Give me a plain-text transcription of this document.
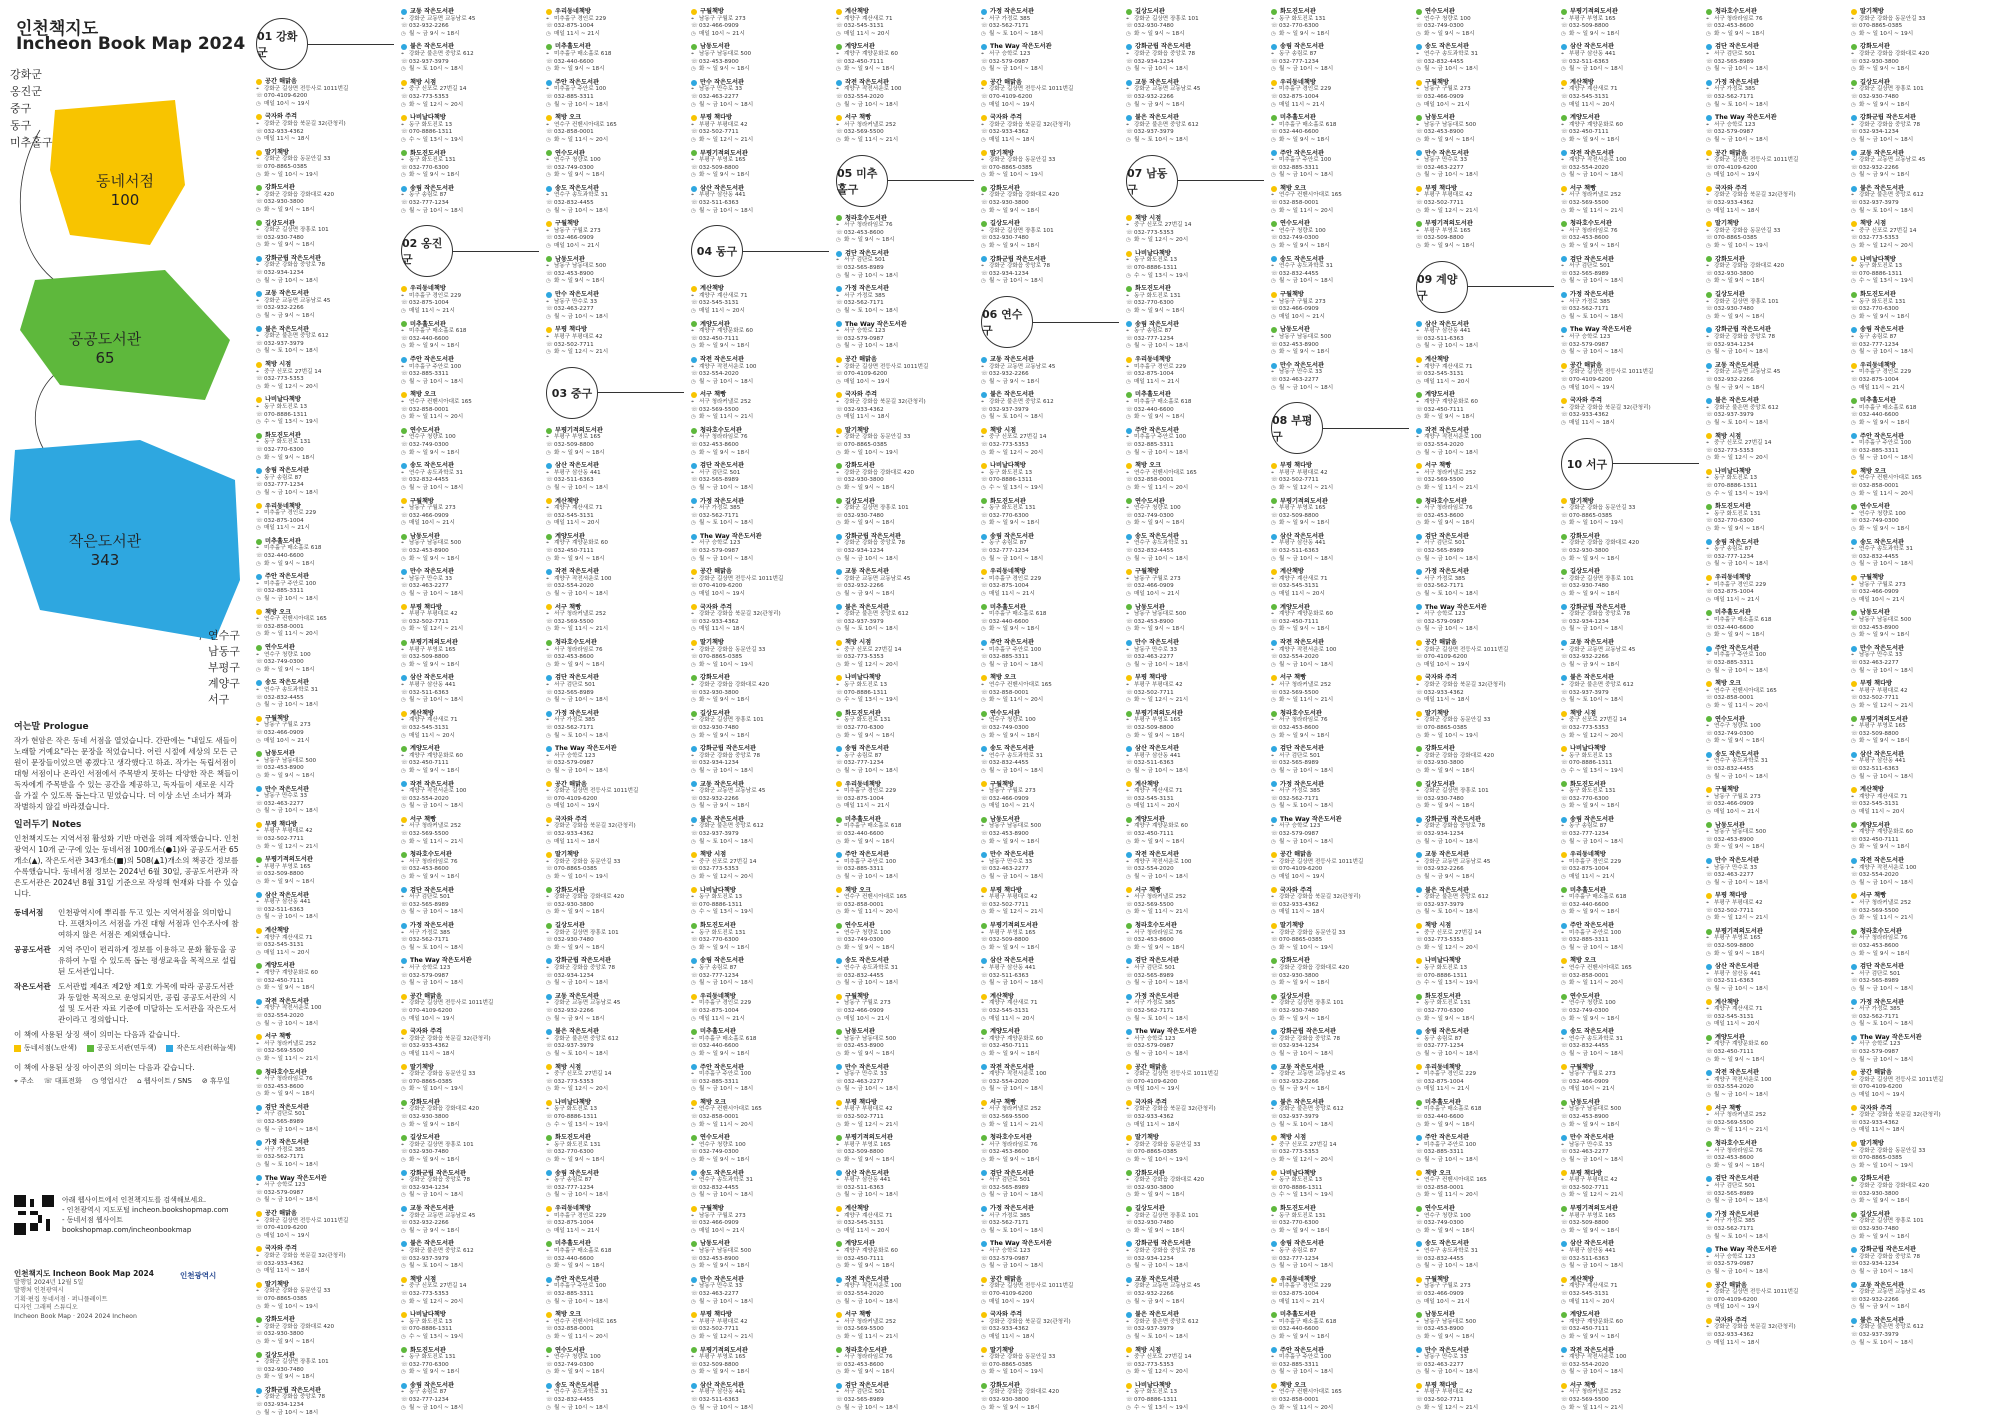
인천책지도
Incheon Book Map 2024
강화군
옹진군
중구
동구
미추홀구
동네서점
100
공공도서관
65
작은도서관
343
연수구
남동구
부평구
계양구
서구
여는말 Prologue

작가 현암은 작은 동네 서점을 열었습니다. 간판에는 "내일도 새들이 노래할 거예요"라는 문장을 적었습니다. 어린 시절에 세상의 모든 근원이 문장들이었으면 좋겠다고 생각했다고 하죠. 작가는 독립서점이 대형 서점이나 온라인 서점에서 주목받지 못하는 다양한 작은 책들이 독자에게 주목받을 수 있는 공간을 제공하고, 독자들이 새로운 시각을 가질 수 있도록 돕는다고 믿었습니다. 더 이상 소년 소녀가 책과 작별하지 않길 바라겠습니다.

일러두기 Notes

인천책지도는 지역서점 활성화 기반 마련을 위해 제작했습니다. 인천광역시 10개 군·구에 있는 동네서점 100개소(●1)와 공공도서관 65개소(▲), 작은도서관 343개소(■)의 508(▲1)개소의 책공간 정보를 수록했습니다. 동네서점 정보는 2024년 6월 30일, 공공도서관과 작은도서관은 2024년 8월 31일 기준으로 작성해 현재와 다를 수 있습니다.

동네서점	인천광역시에 뿌리를 두고 있는 지역서점을 의미합니다. 프랜차이즈 서점을 가진 대형 서점과 인수조사에 참여하지 않은 서점은 제외했습니다.
공공도서관 지역 주민이 편리하게 정보를 이용하고 문화 활동을 공유하여 누릴 수 있도록 돕는 평생교육을 목적으로 설립된 도서관입니다.
작은도서관 도서관법 제4조 제2항 제1호 가목에 따라 공공도서관과 동일한 목적으로 운영되지만, 공립 공공도서관의 시설 및 도서관 자료 기준에 미달하는 도서관을 작은도서관이라고 정의합니다.
이 책에 사용된 상징 색이 의미는 다음과 같습니다.
동네서점(노란색)	공공도서관(연두색)	작은도서관(하늘색)
이 책에 사용된 상징 아이콘의 의미는 다음과 같습니다.
⌖ 주소 ☏ 대표전화 ◷ 영업시간 ⌂ 웹사이트 / SNS ⊘ 휴무일
아래 웹사이트에서 인천책지도를 검색해보세요.
- 인천광역시 지도포털 incheon.bookshopmap.com
- 동네서점 웹사이트 bookshopmap.com/incheonbookmap
인천책지도 Incheon Book Map 2024
발행일 2024년 12월 5일
발행처 인천광역시
기획·편집 동네서점 · 퍼니플레이트
디자인 그래픽 스튜디오
Incheon Book Map · 2024 2024 Incheon
인천광역시
01 강화군
공간 해맑음
⌖ 강화군 길상면 전등사로 1011번길
☏ 070-4109-6200
◷ 매일 10시 ~ 19시
국자와 주걱
⌖ 강화군 강화읍 북문길 32(관청리)
☏ 032-933-4362
◷ 매일 11시 ~ 18시
딸기책방
⌖ 강화군 강화읍 동문안길 33
☏ 070-8865-0385
◷ 화 ~ 일 10시 ~ 19시
강화도서관
⌖ 강화군 강화읍 강화대로 420
☏ 032-930-3800
◷ 화 ~ 일 9시 ~ 18시
길상도서관
⌖ 강화군 길상면 장흥로 101
☏ 032-930-7480
◷ 화 ~ 일 9시 ~ 18시
강화군립 작은도서관
⌖ 강화군 강화읍 중앙로 78
☏ 032-934-1234
◷ 월 ~ 금 10시 ~ 18시
교동 작은도서관
⌖ 강화군 교동면 교동남로 45
☏ 032-932-2266
◷ 월 ~ 금 9시 ~ 18시
불은 작은도서관
⌖ 강화군 불은면 중앙로 612
☏ 032-937-3979
◷ 월 ~ 토 10시 ~ 18시
책방 시점
⌖ 중구 신포로 27번길 14
☏ 032-773-5353
◷ 화 ~ 일 12시 ~ 20시
나비날다책방
⌖ 동구 화도진로 13
☏ 070-8886-1311
◷ 수 ~ 일 13시 ~ 19시
화도진도서관
⌖ 동구 화도진로 131
☏ 032-770-6300
◷ 화 ~ 일 9시 ~ 18시
송림 작은도서관
⌖ 동구 송림로 87
☏ 032-777-1234
◷ 월 ~ 금 10시 ~ 18시
우리동네책방
⌖ 미추홀구 경인로 229
☏ 032-875-1004
◷ 매일 11시 ~ 21시
미추홀도서관
⌖ 미추홀구 매소홀로 618
☏ 032-440-6600
◷ 화 ~ 일 9시 ~ 18시
주안 작은도서관
⌖ 미추홀구 주안로 100
☏ 032-885-3311
◷ 월 ~ 금 10시 ~ 18시
책방 오크
⌖ 연수구 컨벤시아대로 165
☏ 032-858-0001
◷ 화 ~ 일 11시 ~ 20시
연수도서관
⌖ 연수구 청량로 100
☏ 032-749-0300
◷ 화 ~ 일 9시 ~ 18시
송도 작은도서관
⌖ 연수구 송도과학로 31
☏ 032-832-4455
◷ 월 ~ 금 10시 ~ 18시
구월책방
⌖ 남동구 구월로 273
☏ 032-466-0909
◷ 매일 10시 ~ 21시
남동도서관
⌖ 남동구 남동대로 500
☏ 032-453-8900
◷ 화 ~ 일 9시 ~ 18시
만수 작은도서관
⌖ 남동구 만수로 33
☏ 032-463-2277
◷ 월 ~ 금 10시 ~ 18시
부평 책다방
⌖ 부평구 부평대로 42
☏ 032-502-7711
◷ 화 ~ 일 12시 ~ 21시
부평기적의도서관
⌖ 부평구 부영로 165
☏ 032-509-8800
◷ 화 ~ 일 9시 ~ 18시
삼산 작은도서관
⌖ 부평구 삼산동 441
☏ 032-511-6363
◷ 월 ~ 금 10시 ~ 18시
계산책방
⌖ 계양구 계산새로 71
☏ 032-545-3131
◷ 매일 11시 ~ 20시
계양도서관
⌖ 계양구 계양문화로 60
☏ 032-450-7111
◷ 화 ~ 일 9시 ~ 18시
작전 작은도서관
⌖ 계양구 작전서운로 100
☏ 032-554-2020
◷ 월 ~ 금 10시 ~ 18시
서구 책빵
⌖ 서구 청라커낼로 252
☏ 032-569-5500
◷ 화 ~ 일 11시 ~ 21시
청라호수도서관
⌖ 서구 청라라임로 76
☏ 032-453-8600
◷ 화 ~ 일 9시 ~ 18시
검단 작은도서관
⌖ 서구 검단로 501
☏ 032-565-8989
◷ 월 ~ 금 10시 ~ 18시
가정 작은도서관
⌖ 서구 가정로 385
☏ 032-562-7171
◷ 월 ~ 토 10시 ~ 18시
The Way 작은도서관
⌖ 서구 승학로 123
☏ 032-579-0987
◷ 월 ~ 금 10시 ~ 18시
공간 해맑음
⌖ 강화군 길상면 전등사로 1011번길
☏ 070-4109-6200
◷ 매일 10시 ~ 19시
국자와 주걱
⌖ 강화군 강화읍 북문길 32(관청리)
☏ 032-933-4362
◷ 매일 11시 ~ 18시
딸기책방
⌖ 강화군 강화읍 동문안길 33
☏ 070-8865-0385
◷ 화 ~ 일 10시 ~ 19시
강화도서관
⌖ 강화군 강화읍 강화대로 420
☏ 032-930-3800
◷ 화 ~ 일 9시 ~ 18시
길상도서관
⌖ 강화군 길상면 장흥로 101
☏ 032-930-7480
◷ 화 ~ 일 9시 ~ 18시
강화군립 작은도서관
⌖ 강화군 강화읍 중앙로 78
☏ 032-934-1234
◷ 월 ~ 금 10시 ~ 18시
교동 작은도서관
⌖ 강화군 교동면 교동남로 45
☏ 032-932-2266
◷ 월 ~ 금 9시 ~ 18시
불은 작은도서관
⌖ 강화군 불은면 중앙로 612
☏ 032-937-3979
◷ 월 ~ 토 10시 ~ 18시
책방 시점
⌖ 중구 신포로 27번길 14
☏ 032-773-5353
◷ 화 ~ 일 12시 ~ 20시
나비날다책방
⌖ 동구 화도진로 13
☏ 070-8886-1311
◷ 수 ~ 일 13시 ~ 19시
화도진도서관
⌖ 동구 화도진로 131
☏ 032-770-6300
◷ 화 ~ 일 9시 ~ 18시
송림 작은도서관
⌖ 동구 송림로 87
☏ 032-777-1234
◷ 월 ~ 금 10시 ~ 18시
02 옹진군
우리동네책방
⌖ 미추홀구 경인로 229
☏ 032-875-1004
◷ 매일 11시 ~ 21시
미추홀도서관
⌖ 미추홀구 매소홀로 618
☏ 032-440-6600
◷ 화 ~ 일 9시 ~ 18시
주안 작은도서관
⌖ 미추홀구 주안로 100
☏ 032-885-3311
◷ 월 ~ 금 10시 ~ 18시
책방 오크
⌖ 연수구 컨벤시아대로 165
☏ 032-858-0001
◷ 화 ~ 일 11시 ~ 20시
연수도서관
⌖ 연수구 청량로 100
☏ 032-749-0300
◷ 화 ~ 일 9시 ~ 18시
송도 작은도서관
⌖ 연수구 송도과학로 31
☏ 032-832-4455
◷ 월 ~ 금 10시 ~ 18시
구월책방
⌖ 남동구 구월로 273
☏ 032-466-0909
◷ 매일 10시 ~ 21시
남동도서관
⌖ 남동구 남동대로 500
☏ 032-453-8900
◷ 화 ~ 일 9시 ~ 18시
만수 작은도서관
⌖ 남동구 만수로 33
☏ 032-463-2277
◷ 월 ~ 금 10시 ~ 18시
부평 책다방
⌖ 부평구 부평대로 42
☏ 032-502-7711
◷ 화 ~ 일 12시 ~ 21시
부평기적의도서관
⌖ 부평구 부영로 165
☏ 032-509-8800
◷ 화 ~ 일 9시 ~ 18시
삼산 작은도서관
⌖ 부평구 삼산동 441
☏ 032-511-6363
◷ 월 ~ 금 10시 ~ 18시
계산책방
⌖ 계양구 계산새로 71
☏ 032-545-3131
◷ 매일 11시 ~ 20시
계양도서관
⌖ 계양구 계양문화로 60
☏ 032-450-7111
◷ 화 ~ 일 9시 ~ 18시
작전 작은도서관
⌖ 계양구 작전서운로 100
☏ 032-554-2020
◷ 월 ~ 금 10시 ~ 18시
서구 책빵
⌖ 서구 청라커낼로 252
☏ 032-569-5500
◷ 화 ~ 일 11시 ~ 21시
청라호수도서관
⌖ 서구 청라라임로 76
☏ 032-453-8600
◷ 화 ~ 일 9시 ~ 18시
검단 작은도서관
⌖ 서구 검단로 501
☏ 032-565-8989
◷ 월 ~ 금 10시 ~ 18시
가정 작은도서관
⌖ 서구 가정로 385
☏ 032-562-7171
◷ 월 ~ 토 10시 ~ 18시
The Way 작은도서관
⌖ 서구 승학로 123
☏ 032-579-0987
◷ 월 ~ 금 10시 ~ 18시
공간 해맑음
⌖ 강화군 길상면 전등사로 1011번길
☏ 070-4109-6200
◷ 매일 10시 ~ 19시
국자와 주걱
⌖ 강화군 강화읍 북문길 32(관청리)
☏ 032-933-4362
◷ 매일 11시 ~ 18시
딸기책방
⌖ 강화군 강화읍 동문안길 33
☏ 070-8865-0385
◷ 화 ~ 일 10시 ~ 19시
강화도서관
⌖ 강화군 강화읍 강화대로 420
☏ 032-930-3800
◷ 화 ~ 일 9시 ~ 18시
길상도서관
⌖ 강화군 길상면 장흥로 101
☏ 032-930-7480
◷ 화 ~ 일 9시 ~ 18시
강화군립 작은도서관
⌖ 강화군 강화읍 중앙로 78
☏ 032-934-1234
◷ 월 ~ 금 10시 ~ 18시
교동 작은도서관
⌖ 강화군 교동면 교동남로 45
☏ 032-932-2266
◷ 월 ~ 금 9시 ~ 18시
불은 작은도서관
⌖ 강화군 불은면 중앙로 612
☏ 032-937-3979
◷ 월 ~ 토 10시 ~ 18시
책방 시점
⌖ 중구 신포로 27번길 14
☏ 032-773-5353
◷ 화 ~ 일 12시 ~ 20시
나비날다책방
⌖ 동구 화도진로 13
☏ 070-8886-1311
◷ 수 ~ 일 13시 ~ 19시
화도진도서관
⌖ 동구 화도진로 131
☏ 032-770-6300
◷ 화 ~ 일 9시 ~ 18시
송림 작은도서관
⌖ 동구 송림로 87
☏ 032-777-1234
◷ 월 ~ 금 10시 ~ 18시
우리동네책방
⌖ 미추홀구 경인로 229
☏ 032-875-1004
◷ 매일 11시 ~ 21시
미추홀도서관
⌖ 미추홀구 매소홀로 618
☏ 032-440-6600
◷ 화 ~ 일 9시 ~ 18시
주안 작은도서관
⌖ 미추홀구 주안로 100
☏ 032-885-3311
◷ 월 ~ 금 10시 ~ 18시
책방 오크
⌖ 연수구 컨벤시아대로 165
☏ 032-858-0001
◷ 화 ~ 일 11시 ~ 20시
연수도서관
⌖ 연수구 청량로 100
☏ 032-749-0300
◷ 화 ~ 일 9시 ~ 18시
송도 작은도서관
⌖ 연수구 송도과학로 31
☏ 032-832-4455
◷ 월 ~ 금 10시 ~ 18시
구월책방
⌖ 남동구 구월로 273
☏ 032-466-0909
◷ 매일 10시 ~ 21시
남동도서관
⌖ 남동구 남동대로 500
☏ 032-453-8900
◷ 화 ~ 일 9시 ~ 18시
만수 작은도서관
⌖ 남동구 만수로 33
☏ 032-463-2277
◷ 월 ~ 금 10시 ~ 18시
부평 책다방
⌖ 부평구 부평대로 42
☏ 032-502-7711
◷ 화 ~ 일 12시 ~ 21시
03 중구
부평기적의도서관
⌖ 부평구 부영로 165
☏ 032-509-8800
◷ 화 ~ 일 9시 ~ 18시
삼산 작은도서관
⌖ 부평구 삼산동 441
☏ 032-511-6363
◷ 월 ~ 금 10시 ~ 18시
계산책방
⌖ 계양구 계산새로 71
☏ 032-545-3131
◷ 매일 11시 ~ 20시
계양도서관
⌖ 계양구 계양문화로 60
☏ 032-450-7111
◷ 화 ~ 일 9시 ~ 18시
작전 작은도서관
⌖ 계양구 작전서운로 100
☏ 032-554-2020
◷ 월 ~ 금 10시 ~ 18시
서구 책빵
⌖ 서구 청라커낼로 252
☏ 032-569-5500
◷ 화 ~ 일 11시 ~ 21시
청라호수도서관
⌖ 서구 청라라임로 76
☏ 032-453-8600
◷ 화 ~ 일 9시 ~ 18시
검단 작은도서관
⌖ 서구 검단로 501
☏ 032-565-8989
◷ 월 ~ 금 10시 ~ 18시
가정 작은도서관
⌖ 서구 가정로 385
☏ 032-562-7171
◷ 월 ~ 토 10시 ~ 18시
The Way 작은도서관
⌖ 서구 승학로 123
☏ 032-579-0987
◷ 월 ~ 금 10시 ~ 18시
공간 해맑음
⌖ 강화군 길상면 전등사로 1011번길
☏ 070-4109-6200
◷ 매일 10시 ~ 19시
국자와 주걱
⌖ 강화군 강화읍 북문길 32(관청리)
☏ 032-933-4362
◷ 매일 11시 ~ 18시
딸기책방
⌖ 강화군 강화읍 동문안길 33
☏ 070-8865-0385
◷ 화 ~ 일 10시 ~ 19시
강화도서관
⌖ 강화군 강화읍 강화대로 420
☏ 032-930-3800
◷ 화 ~ 일 9시 ~ 18시
길상도서관
⌖ 강화군 길상면 장흥로 101
☏ 032-930-7480
◷ 화 ~ 일 9시 ~ 18시
강화군립 작은도서관
⌖ 강화군 강화읍 중앙로 78
☏ 032-934-1234
◷ 월 ~ 금 10시 ~ 18시
교동 작은도서관
⌖ 강화군 교동면 교동남로 45
☏ 032-932-2266
◷ 월 ~ 금 9시 ~ 18시
불은 작은도서관
⌖ 강화군 불은면 중앙로 612
☏ 032-937-3979
◷ 월 ~ 토 10시 ~ 18시
책방 시점
⌖ 중구 신포로 27번길 14
☏ 032-773-5353
◷ 화 ~ 일 12시 ~ 20시
나비날다책방
⌖ 동구 화도진로 13
☏ 070-8886-1311
◷ 수 ~ 일 13시 ~ 19시
화도진도서관
⌖ 동구 화도진로 131
☏ 032-770-6300
◷ 화 ~ 일 9시 ~ 18시
송림 작은도서관
⌖ 동구 송림로 87
☏ 032-777-1234
◷ 월 ~ 금 10시 ~ 18시
우리동네책방
⌖ 미추홀구 경인로 229
☏ 032-875-1004
◷ 매일 11시 ~ 21시
미추홀도서관
⌖ 미추홀구 매소홀로 618
☏ 032-440-6600
◷ 화 ~ 일 9시 ~ 18시
주안 작은도서관
⌖ 미추홀구 주안로 100
☏ 032-885-3311
◷ 월 ~ 금 10시 ~ 18시
책방 오크
⌖ 연수구 컨벤시아대로 165
☏ 032-858-0001
◷ 화 ~ 일 11시 ~ 20시
연수도서관
⌖ 연수구 청량로 100
☏ 032-749-0300
◷ 화 ~ 일 9시 ~ 18시
송도 작은도서관
⌖ 연수구 송도과학로 31
☏ 032-832-4455
◷ 월 ~ 금 10시 ~ 18시
구월책방
⌖ 남동구 구월로 273
☏ 032-466-0909
◷ 매일 10시 ~ 21시
남동도서관
⌖ 남동구 남동대로 500
☏ 032-453-8900
◷ 화 ~ 일 9시 ~ 18시
만수 작은도서관
⌖ 남동구 만수로 33
☏ 032-463-2277
◷ 월 ~ 금 10시 ~ 18시
부평 책다방
⌖ 부평구 부평대로 42
☏ 032-502-7711
◷ 화 ~ 일 12시 ~ 21시
부평기적의도서관
⌖ 부평구 부영로 165
☏ 032-509-8800
◷ 화 ~ 일 9시 ~ 18시
삼산 작은도서관
⌖ 부평구 삼산동 441
☏ 032-511-6363
◷ 월 ~ 금 10시 ~ 18시
04 동구
계산책방
⌖ 계양구 계산새로 71
☏ 032-545-3131
◷ 매일 11시 ~ 20시
계양도서관
⌖ 계양구 계양문화로 60
☏ 032-450-7111
◷ 화 ~ 일 9시 ~ 18시
작전 작은도서관
⌖ 계양구 작전서운로 100
☏ 032-554-2020
◷ 월 ~ 금 10시 ~ 18시
서구 책빵
⌖ 서구 청라커낼로 252
☏ 032-569-5500
◷ 화 ~ 일 11시 ~ 21시
청라호수도서관
⌖ 서구 청라라임로 76
☏ 032-453-8600
◷ 화 ~ 일 9시 ~ 18시
검단 작은도서관
⌖ 서구 검단로 501
☏ 032-565-8989
◷ 월 ~ 금 10시 ~ 18시
가정 작은도서관
⌖ 서구 가정로 385
☏ 032-562-7171
◷ 월 ~ 토 10시 ~ 18시
The Way 작은도서관
⌖ 서구 승학로 123
☏ 032-579-0987
◷ 월 ~ 금 10시 ~ 18시
공간 해맑음
⌖ 강화군 길상면 전등사로 1011번길
☏ 070-4109-6200
◷ 매일 10시 ~ 19시
국자와 주걱
⌖ 강화군 강화읍 북문길 32(관청리)
☏ 032-933-4362
◷ 매일 11시 ~ 18시
딸기책방
⌖ 강화군 강화읍 동문안길 33
☏ 070-8865-0385
◷ 화 ~ 일 10시 ~ 19시
강화도서관
⌖ 강화군 강화읍 강화대로 420
☏ 032-930-3800
◷ 화 ~ 일 9시 ~ 18시
길상도서관
⌖ 강화군 길상면 장흥로 101
☏ 032-930-7480
◷ 화 ~ 일 9시 ~ 18시
강화군립 작은도서관
⌖ 강화군 강화읍 중앙로 78
☏ 032-934-1234
◷ 월 ~ 금 10시 ~ 18시
교동 작은도서관
⌖ 강화군 교동면 교동남로 45
☏ 032-932-2266
◷ 월 ~ 금 9시 ~ 18시
불은 작은도서관
⌖ 강화군 불은면 중앙로 612
☏ 032-937-3979
◷ 월 ~ 토 10시 ~ 18시
책방 시점
⌖ 중구 신포로 27번길 14
☏ 032-773-5353
◷ 화 ~ 일 12시 ~ 20시
나비날다책방
⌖ 동구 화도진로 13
☏ 070-8886-1311
◷ 수 ~ 일 13시 ~ 19시
화도진도서관
⌖ 동구 화도진로 131
☏ 032-770-6300
◷ 화 ~ 일 9시 ~ 18시
송림 작은도서관
⌖ 동구 송림로 87
☏ 032-777-1234
◷ 월 ~ 금 10시 ~ 18시
우리동네책방
⌖ 미추홀구 경인로 229
☏ 032-875-1004
◷ 매일 11시 ~ 21시
미추홀도서관
⌖ 미추홀구 매소홀로 618
☏ 032-440-6600
◷ 화 ~ 일 9시 ~ 18시
주안 작은도서관
⌖ 미추홀구 주안로 100
☏ 032-885-3311
◷ 월 ~ 금 10시 ~ 18시
책방 오크
⌖ 연수구 컨벤시아대로 165
☏ 032-858-0001
◷ 화 ~ 일 11시 ~ 20시
연수도서관
⌖ 연수구 청량로 100
☏ 032-749-0300
◷ 화 ~ 일 9시 ~ 18시
송도 작은도서관
⌖ 연수구 송도과학로 31
☏ 032-832-4455
◷ 월 ~ 금 10시 ~ 18시
구월책방
⌖ 남동구 구월로 273
☏ 032-466-0909
◷ 매일 10시 ~ 21시
남동도서관
⌖ 남동구 남동대로 500
☏ 032-453-8900
◷ 화 ~ 일 9시 ~ 18시
만수 작은도서관
⌖ 남동구 만수로 33
☏ 032-463-2277
◷ 월 ~ 금 10시 ~ 18시
부평 책다방
⌖ 부평구 부평대로 42
☏ 032-502-7711
◷ 화 ~ 일 12시 ~ 21시
부평기적의도서관
⌖ 부평구 부영로 165
☏ 032-509-8800
◷ 화 ~ 일 9시 ~ 18시
삼산 작은도서관
⌖ 부평구 삼산동 441
☏ 032-511-6363
◷ 월 ~ 금 10시 ~ 18시
계산책방
⌖ 계양구 계산새로 71
☏ 032-545-3131
◷ 매일 11시 ~ 20시
계양도서관
⌖ 계양구 계양문화로 60
☏ 032-450-7111
◷ 화 ~ 일 9시 ~ 18시
작전 작은도서관
⌖ 계양구 작전서운로 100
☏ 032-554-2020
◷ 월 ~ 금 10시 ~ 18시
서구 책빵
⌖ 서구 청라커낼로 252
☏ 032-569-5500
◷ 화 ~ 일 11시 ~ 21시
05 미추홀구
청라호수도서관
⌖ 서구 청라라임로 76
☏ 032-453-8600
◷ 화 ~ 일 9시 ~ 18시
검단 작은도서관
⌖ 서구 검단로 501
☏ 032-565-8989
◷ 월 ~ 금 10시 ~ 18시
가정 작은도서관
⌖ 서구 가정로 385
☏ 032-562-7171
◷ 월 ~ 토 10시 ~ 18시
The Way 작은도서관
⌖ 서구 승학로 123
☏ 032-579-0987
◷ 월 ~ 금 10시 ~ 18시
공간 해맑음
⌖ 강화군 길상면 전등사로 1011번길
☏ 070-4109-6200
◷ 매일 10시 ~ 19시
국자와 주걱
⌖ 강화군 강화읍 북문길 32(관청리)
☏ 032-933-4362
◷ 매일 11시 ~ 18시
딸기책방
⌖ 강화군 강화읍 동문안길 33
☏ 070-8865-0385
◷ 화 ~ 일 10시 ~ 19시
강화도서관
⌖ 강화군 강화읍 강화대로 420
☏ 032-930-3800
◷ 화 ~ 일 9시 ~ 18시
길상도서관
⌖ 강화군 길상면 장흥로 101
☏ 032-930-7480
◷ 화 ~ 일 9시 ~ 18시
강화군립 작은도서관
⌖ 강화군 강화읍 중앙로 78
☏ 032-934-1234
◷ 월 ~ 금 10시 ~ 18시
교동 작은도서관
⌖ 강화군 교동면 교동남로 45
☏ 032-932-2266
◷ 월 ~ 금 9시 ~ 18시
불은 작은도서관
⌖ 강화군 불은면 중앙로 612
☏ 032-937-3979
◷ 월 ~ 토 10시 ~ 18시
책방 시점
⌖ 중구 신포로 27번길 14
☏ 032-773-5353
◷ 화 ~ 일 12시 ~ 20시
나비날다책방
⌖ 동구 화도진로 13
☏ 070-8886-1311
◷ 수 ~ 일 13시 ~ 19시
화도진도서관
⌖ 동구 화도진로 131
☏ 032-770-6300
◷ 화 ~ 일 9시 ~ 18시
송림 작은도서관
⌖ 동구 송림로 87
☏ 032-777-1234
◷ 월 ~ 금 10시 ~ 18시
우리동네책방
⌖ 미추홀구 경인로 229
☏ 032-875-1004
◷ 매일 11시 ~ 21시
미추홀도서관
⌖ 미추홀구 매소홀로 618
☏ 032-440-6600
◷ 화 ~ 일 9시 ~ 18시
주안 작은도서관
⌖ 미추홀구 주안로 100
☏ 032-885-3311
◷ 월 ~ 금 10시 ~ 18시
책방 오크
⌖ 연수구 컨벤시아대로 165
☏ 032-858-0001
◷ 화 ~ 일 11시 ~ 20시
연수도서관
⌖ 연수구 청량로 100
☏ 032-749-0300
◷ 화 ~ 일 9시 ~ 18시
송도 작은도서관
⌖ 연수구 송도과학로 31
☏ 032-832-4455
◷ 월 ~ 금 10시 ~ 18시
구월책방
⌖ 남동구 구월로 273
☏ 032-466-0909
◷ 매일 10시 ~ 21시
남동도서관
⌖ 남동구 남동대로 500
☏ 032-453-8900
◷ 화 ~ 일 9시 ~ 18시
만수 작은도서관
⌖ 남동구 만수로 33
☏ 032-463-2277
◷ 월 ~ 금 10시 ~ 18시
부평 책다방
⌖ 부평구 부평대로 42
☏ 032-502-7711
◷ 화 ~ 일 12시 ~ 21시
부평기적의도서관
⌖ 부평구 부영로 165
☏ 032-509-8800
◷ 화 ~ 일 9시 ~ 18시
삼산 작은도서관
⌖ 부평구 삼산동 441
☏ 032-511-6363
◷ 월 ~ 금 10시 ~ 18시
계산책방
⌖ 계양구 계산새로 71
☏ 032-545-3131
◷ 매일 11시 ~ 20시
계양도서관
⌖ 계양구 계양문화로 60
☏ 032-450-7111
◷ 화 ~ 일 9시 ~ 18시
작전 작은도서관
⌖ 계양구 작전서운로 100
☏ 032-554-2020
◷ 월 ~ 금 10시 ~ 18시
서구 책빵
⌖ 서구 청라커낼로 252
☏ 032-569-5500
◷ 화 ~ 일 11시 ~ 21시
청라호수도서관
⌖ 서구 청라라임로 76
☏ 032-453-8600
◷ 화 ~ 일 9시 ~ 18시
검단 작은도서관
⌖ 서구 검단로 501
☏ 032-565-8989
◷ 월 ~ 금 10시 ~ 18시
가정 작은도서관
⌖ 서구 가정로 385
☏ 032-562-7171
◷ 월 ~ 토 10시 ~ 18시
The Way 작은도서관
⌖ 서구 승학로 123
☏ 032-579-0987
◷ 월 ~ 금 10시 ~ 18시
공간 해맑음
⌖ 강화군 길상면 전등사로 1011번길
☏ 070-4109-6200
◷ 매일 10시 ~ 19시
국자와 주걱
⌖ 강화군 강화읍 북문길 32(관청리)
☏ 032-933-4362
◷ 매일 11시 ~ 18시
딸기책방
⌖ 강화군 강화읍 동문안길 33
☏ 070-8865-0385
◷ 화 ~ 일 10시 ~ 19시
강화도서관
⌖ 강화군 강화읍 강화대로 420
☏ 032-930-3800
◷ 화 ~ 일 9시 ~ 18시
길상도서관
⌖ 강화군 길상면 장흥로 101
☏ 032-930-7480
◷ 화 ~ 일 9시 ~ 18시
강화군립 작은도서관
⌖ 강화군 강화읍 중앙로 78
☏ 032-934-1234
◷ 월 ~ 금 10시 ~ 18시
06 연수구
교동 작은도서관
⌖ 강화군 교동면 교동남로 45
☏ 032-932-2266
◷ 월 ~ 금 9시 ~ 18시
불은 작은도서관
⌖ 강화군 불은면 중앙로 612
☏ 032-937-3979
◷ 월 ~ 토 10시 ~ 18시
책방 시점
⌖ 중구 신포로 27번길 14
☏ 032-773-5353
◷ 화 ~ 일 12시 ~ 20시
나비날다책방
⌖ 동구 화도진로 13
☏ 070-8886-1311
◷ 수 ~ 일 13시 ~ 19시
화도진도서관
⌖ 동구 화도진로 131
☏ 032-770-6300
◷ 화 ~ 일 9시 ~ 18시
송림 작은도서관
⌖ 동구 송림로 87
☏ 032-777-1234
◷ 월 ~ 금 10시 ~ 18시
우리동네책방
⌖ 미추홀구 경인로 229
☏ 032-875-1004
◷ 매일 11시 ~ 21시
미추홀도서관
⌖ 미추홀구 매소홀로 618
☏ 032-440-6600
◷ 화 ~ 일 9시 ~ 18시
주안 작은도서관
⌖ 미추홀구 주안로 100
☏ 032-885-3311
◷ 월 ~ 금 10시 ~ 18시
책방 오크
⌖ 연수구 컨벤시아대로 165
☏ 032-858-0001
◷ 화 ~ 일 11시 ~ 20시
연수도서관
⌖ 연수구 청량로 100
☏ 032-749-0300
◷ 화 ~ 일 9시 ~ 18시
송도 작은도서관
⌖ 연수구 송도과학로 31
☏ 032-832-4455
◷ 월 ~ 금 10시 ~ 18시
구월책방
⌖ 남동구 구월로 273
☏ 032-466-0909
◷ 매일 10시 ~ 21시
남동도서관
⌖ 남동구 남동대로 500
☏ 032-453-8900
◷ 화 ~ 일 9시 ~ 18시
만수 작은도서관
⌖ 남동구 만수로 33
☏ 032-463-2277
◷ 월 ~ 금 10시 ~ 18시
부평 책다방
⌖ 부평구 부평대로 42
☏ 032-502-7711
◷ 화 ~ 일 12시 ~ 21시
부평기적의도서관
⌖ 부평구 부영로 165
☏ 032-509-8800
◷ 화 ~ 일 9시 ~ 18시
삼산 작은도서관
⌖ 부평구 삼산동 441
☏ 032-511-6363
◷ 월 ~ 금 10시 ~ 18시
계산책방
⌖ 계양구 계산새로 71
☏ 032-545-3131
◷ 매일 11시 ~ 20시
계양도서관
⌖ 계양구 계양문화로 60
☏ 032-450-7111
◷ 화 ~ 일 9시 ~ 18시
작전 작은도서관
⌖ 계양구 작전서운로 100
☏ 032-554-2020
◷ 월 ~ 금 10시 ~ 18시
서구 책빵
⌖ 서구 청라커낼로 252
☏ 032-569-5500
◷ 화 ~ 일 11시 ~ 21시
청라호수도서관
⌖ 서구 청라라임로 76
☏ 032-453-8600
◷ 화 ~ 일 9시 ~ 18시
검단 작은도서관
⌖ 서구 검단로 501
☏ 032-565-8989
◷ 월 ~ 금 10시 ~ 18시
가정 작은도서관
⌖ 서구 가정로 385
☏ 032-562-7171
◷ 월 ~ 토 10시 ~ 18시
The Way 작은도서관
⌖ 서구 승학로 123
☏ 032-579-0987
◷ 월 ~ 금 10시 ~ 18시
공간 해맑음
⌖ 강화군 길상면 전등사로 1011번길
☏ 070-4109-6200
◷ 매일 10시 ~ 19시
국자와 주걱
⌖ 강화군 강화읍 북문길 32(관청리)
☏ 032-933-4362
◷ 매일 11시 ~ 18시
딸기책방
⌖ 강화군 강화읍 동문안길 33
☏ 070-8865-0385
◷ 화 ~ 일 10시 ~ 19시
강화도서관
⌖ 강화군 강화읍 강화대로 420
☏ 032-930-3800
◷ 화 ~ 일 9시 ~ 18시
길상도서관
⌖ 강화군 길상면 장흥로 101
☏ 032-930-7480
◷ 화 ~ 일 9시 ~ 18시
강화군립 작은도서관
⌖ 강화군 강화읍 중앙로 78
☏ 032-934-1234
◷ 월 ~ 금 10시 ~ 18시
교동 작은도서관
⌖ 강화군 교동면 교동남로 45
☏ 032-932-2266
◷ 월 ~ 금 9시 ~ 18시
불은 작은도서관
⌖ 강화군 불은면 중앙로 612
☏ 032-937-3979
◷ 월 ~ 토 10시 ~ 18시
07 남동구
책방 시점
⌖ 중구 신포로 27번길 14
☏ 032-773-5353
◷ 화 ~ 일 12시 ~ 20시
나비날다책방
⌖ 동구 화도진로 13
☏ 070-8886-1311
◷ 수 ~ 일 13시 ~ 19시
화도진도서관
⌖ 동구 화도진로 131
☏ 032-770-6300
◷ 화 ~ 일 9시 ~ 18시
송림 작은도서관
⌖ 동구 송림로 87
☏ 032-777-1234
◷ 월 ~ 금 10시 ~ 18시
우리동네책방
⌖ 미추홀구 경인로 229
☏ 032-875-1004
◷ 매일 11시 ~ 21시
미추홀도서관
⌖ 미추홀구 매소홀로 618
☏ 032-440-6600
◷ 화 ~ 일 9시 ~ 18시
주안 작은도서관
⌖ 미추홀구 주안로 100
☏ 032-885-3311
◷ 월 ~ 금 10시 ~ 18시
책방 오크
⌖ 연수구 컨벤시아대로 165
☏ 032-858-0001
◷ 화 ~ 일 11시 ~ 20시
연수도서관
⌖ 연수구 청량로 100
☏ 032-749-0300
◷ 화 ~ 일 9시 ~ 18시
송도 작은도서관
⌖ 연수구 송도과학로 31
☏ 032-832-4455
◷ 월 ~ 금 10시 ~ 18시
구월책방
⌖ 남동구 구월로 273
☏ 032-466-0909
◷ 매일 10시 ~ 21시
남동도서관
⌖ 남동구 남동대로 500
☏ 032-453-8900
◷ 화 ~ 일 9시 ~ 18시
만수 작은도서관
⌖ 남동구 만수로 33
☏ 032-463-2277
◷ 월 ~ 금 10시 ~ 18시
부평 책다방
⌖ 부평구 부평대로 42
☏ 032-502-7711
◷ 화 ~ 일 12시 ~ 21시
부평기적의도서관
⌖ 부평구 부영로 165
☏ 032-509-8800
◷ 화 ~ 일 9시 ~ 18시
삼산 작은도서관
⌖ 부평구 삼산동 441
☏ 032-511-6363
◷ 월 ~ 금 10시 ~ 18시
계산책방
⌖ 계양구 계산새로 71
☏ 032-545-3131
◷ 매일 11시 ~ 20시
계양도서관
⌖ 계양구 계양문화로 60
☏ 032-450-7111
◷ 화 ~ 일 9시 ~ 18시
작전 작은도서관
⌖ 계양구 작전서운로 100
☏ 032-554-2020
◷ 월 ~ 금 10시 ~ 18시
서구 책빵
⌖ 서구 청라커낼로 252
☏ 032-569-5500
◷ 화 ~ 일 11시 ~ 21시
청라호수도서관
⌖ 서구 청라라임로 76
☏ 032-453-8600
◷ 화 ~ 일 9시 ~ 18시
검단 작은도서관
⌖ 서구 검단로 501
☏ 032-565-8989
◷ 월 ~ 금 10시 ~ 18시
가정 작은도서관
⌖ 서구 가정로 385
☏ 032-562-7171
◷ 월 ~ 토 10시 ~ 18시
The Way 작은도서관
⌖ 서구 승학로 123
☏ 032-579-0987
◷ 월 ~ 금 10시 ~ 18시
공간 해맑음
⌖ 강화군 길상면 전등사로 1011번길
☏ 070-4109-6200
◷ 매일 10시 ~ 19시
국자와 주걱
⌖ 강화군 강화읍 북문길 32(관청리)
☏ 032-933-4362
◷ 매일 11시 ~ 18시
딸기책방
⌖ 강화군 강화읍 동문안길 33
☏ 070-8865-0385
◷ 화 ~ 일 10시 ~ 19시
강화도서관
⌖ 강화군 강화읍 강화대로 420
☏ 032-930-3800
◷ 화 ~ 일 9시 ~ 18시
길상도서관
⌖ 강화군 길상면 장흥로 101
☏ 032-930-7480
◷ 화 ~ 일 9시 ~ 18시
강화군립 작은도서관
⌖ 강화군 강화읍 중앙로 78
☏ 032-934-1234
◷ 월 ~ 금 10시 ~ 18시
교동 작은도서관
⌖ 강화군 교동면 교동남로 45
☏ 032-932-2266
◷ 월 ~ 금 9시 ~ 18시
불은 작은도서관
⌖ 강화군 불은면 중앙로 612
☏ 032-937-3979
◷ 월 ~ 토 10시 ~ 18시
책방 시점
⌖ 중구 신포로 27번길 14
☏ 032-773-5353
◷ 화 ~ 일 12시 ~ 20시
나비날다책방
⌖ 동구 화도진로 13
☏ 070-8886-1311
◷ 수 ~ 일 13시 ~ 19시
화도진도서관
⌖ 동구 화도진로 131
☏ 032-770-6300
◷ 화 ~ 일 9시 ~ 18시
송림 작은도서관
⌖ 동구 송림로 87
☏ 032-777-1234
◷ 월 ~ 금 10시 ~ 18시
우리동네책방
⌖ 미추홀구 경인로 229
☏ 032-875-1004
◷ 매일 11시 ~ 21시
미추홀도서관
⌖ 미추홀구 매소홀로 618
☏ 032-440-6600
◷ 화 ~ 일 9시 ~ 18시
주안 작은도서관
⌖ 미추홀구 주안로 100
☏ 032-885-3311
◷ 월 ~ 금 10시 ~ 18시
책방 오크
⌖ 연수구 컨벤시아대로 165
☏ 032-858-0001
◷ 화 ~ 일 11시 ~ 20시
연수도서관
⌖ 연수구 청량로 100
☏ 032-749-0300
◷ 화 ~ 일 9시 ~ 18시
송도 작은도서관
⌖ 연수구 송도과학로 31
☏ 032-832-4455
◷ 월 ~ 금 10시 ~ 18시
구월책방
⌖ 남동구 구월로 273
☏ 032-466-0909
◷ 매일 10시 ~ 21시
남동도서관
⌖ 남동구 남동대로 500
☏ 032-453-8900
◷ 화 ~ 일 9시 ~ 18시
만수 작은도서관
⌖ 남동구 만수로 33
☏ 032-463-2277
◷ 월 ~ 금 10시 ~ 18시
08 부평구
부평 책다방
⌖ 부평구 부평대로 42
☏ 032-502-7711
◷ 화 ~ 일 12시 ~ 21시
부평기적의도서관
⌖ 부평구 부영로 165
☏ 032-509-8800
◷ 화 ~ 일 9시 ~ 18시
삼산 작은도서관
⌖ 부평구 삼산동 441
☏ 032-511-6363
◷ 월 ~ 금 10시 ~ 18시
계산책방
⌖ 계양구 계산새로 71
☏ 032-545-3131
◷ 매일 11시 ~ 20시
계양도서관
⌖ 계양구 계양문화로 60
☏ 032-450-7111
◷ 화 ~ 일 9시 ~ 18시
작전 작은도서관
⌖ 계양구 작전서운로 100
☏ 032-554-2020
◷ 월 ~ 금 10시 ~ 18시
서구 책빵
⌖ 서구 청라커낼로 252
☏ 032-569-5500
◷ 화 ~ 일 11시 ~ 21시
청라호수도서관
⌖ 서구 청라라임로 76
☏ 032-453-8600
◷ 화 ~ 일 9시 ~ 18시
검단 작은도서관
⌖ 서구 검단로 501
☏ 032-565-8989
◷ 월 ~ 금 10시 ~ 18시
가정 작은도서관
⌖ 서구 가정로 385
☏ 032-562-7171
◷ 월 ~ 토 10시 ~ 18시
The Way 작은도서관
⌖ 서구 승학로 123
☏ 032-579-0987
◷ 월 ~ 금 10시 ~ 18시
공간 해맑음
⌖ 강화군 길상면 전등사로 1011번길
☏ 070-4109-6200
◷ 매일 10시 ~ 19시
국자와 주걱
⌖ 강화군 강화읍 북문길 32(관청리)
☏ 032-933-4362
◷ 매일 11시 ~ 18시
딸기책방
⌖ 강화군 강화읍 동문안길 33
☏ 070-8865-0385
◷ 화 ~ 일 10시 ~ 19시
강화도서관
⌖ 강화군 강화읍 강화대로 420
☏ 032-930-3800
◷ 화 ~ 일 9시 ~ 18시
길상도서관
⌖ 강화군 길상면 장흥로 101
☏ 032-930-7480
◷ 화 ~ 일 9시 ~ 18시
강화군립 작은도서관
⌖ 강화군 강화읍 중앙로 78
☏ 032-934-1234
◷ 월 ~ 금 10시 ~ 18시
교동 작은도서관
⌖ 강화군 교동면 교동남로 45
☏ 032-932-2266
◷ 월 ~ 금 9시 ~ 18시
불은 작은도서관
⌖ 강화군 불은면 중앙로 612
☏ 032-937-3979
◷ 월 ~ 토 10시 ~ 18시
책방 시점
⌖ 중구 신포로 27번길 14
☏ 032-773-5353
◷ 화 ~ 일 12시 ~ 20시
나비날다책방
⌖ 동구 화도진로 13
☏ 070-8886-1311
◷ 수 ~ 일 13시 ~ 19시
화도진도서관
⌖ 동구 화도진로 131
☏ 032-770-6300
◷ 화 ~ 일 9시 ~ 18시
송림 작은도서관
⌖ 동구 송림로 87
☏ 032-777-1234
◷ 월 ~ 금 10시 ~ 18시
우리동네책방
⌖ 미추홀구 경인로 229
☏ 032-875-1004
◷ 매일 11시 ~ 21시
미추홀도서관
⌖ 미추홀구 매소홀로 618
☏ 032-440-6600
◷ 화 ~ 일 9시 ~ 18시
주안 작은도서관
⌖ 미추홀구 주안로 100
☏ 032-885-3311
◷ 월 ~ 금 10시 ~ 18시
책방 오크
⌖ 연수구 컨벤시아대로 165
☏ 032-858-0001
◷ 화 ~ 일 11시 ~ 20시
연수도서관
⌖ 연수구 청량로 100
☏ 032-749-0300
◷ 화 ~ 일 9시 ~ 18시
송도 작은도서관
⌖ 연수구 송도과학로 31
☏ 032-832-4455
◷ 월 ~ 금 10시 ~ 18시
구월책방
⌖ 남동구 구월로 273
☏ 032-466-0909
◷ 매일 10시 ~ 21시
남동도서관
⌖ 남동구 남동대로 500
☏ 032-453-8900
◷ 화 ~ 일 9시 ~ 18시
만수 작은도서관
⌖ 남동구 만수로 33
☏ 032-463-2277
◷ 월 ~ 금 10시 ~ 18시
부평 책다방
⌖ 부평구 부평대로 42
☏ 032-502-7711
◷ 화 ~ 일 12시 ~ 21시
부평기적의도서관
⌖ 부평구 부영로 165
☏ 032-509-8800
◷ 화 ~ 일 9시 ~ 18시
09 계양구
삼산 작은도서관
⌖ 부평구 삼산동 441
☏ 032-511-6363
◷ 월 ~ 금 10시 ~ 18시
계산책방
⌖ 계양구 계산새로 71
☏ 032-545-3131
◷ 매일 11시 ~ 20시
계양도서관
⌖ 계양구 계양문화로 60
☏ 032-450-7111
◷ 화 ~ 일 9시 ~ 18시
작전 작은도서관
⌖ 계양구 작전서운로 100
☏ 032-554-2020
◷ 월 ~ 금 10시 ~ 18시
서구 책빵
⌖ 서구 청라커낼로 252
☏ 032-569-5500
◷ 화 ~ 일 11시 ~ 21시
청라호수도서관
⌖ 서구 청라라임로 76
☏ 032-453-8600
◷ 화 ~ 일 9시 ~ 18시
검단 작은도서관
⌖ 서구 검단로 501
☏ 032-565-8989
◷ 월 ~ 금 10시 ~ 18시
가정 작은도서관
⌖ 서구 가정로 385
☏ 032-562-7171
◷ 월 ~ 토 10시 ~ 18시
The Way 작은도서관
⌖ 서구 승학로 123
☏ 032-579-0987
◷ 월 ~ 금 10시 ~ 18시
공간 해맑음
⌖ 강화군 길상면 전등사로 1011번길
☏ 070-4109-6200
◷ 매일 10시 ~ 19시
국자와 주걱
⌖ 강화군 강화읍 북문길 32(관청리)
☏ 032-933-4362
◷ 매일 11시 ~ 18시
딸기책방
⌖ 강화군 강화읍 동문안길 33
☏ 070-8865-0385
◷ 화 ~ 일 10시 ~ 19시
강화도서관
⌖ 강화군 강화읍 강화대로 420
☏ 032-930-3800
◷ 화 ~ 일 9시 ~ 18시
길상도서관
⌖ 강화군 길상면 장흥로 101
☏ 032-930-7480
◷ 화 ~ 일 9시 ~ 18시
강화군립 작은도서관
⌖ 강화군 강화읍 중앙로 78
☏ 032-934-1234
◷ 월 ~ 금 10시 ~ 18시
교동 작은도서관
⌖ 강화군 교동면 교동남로 45
☏ 032-932-2266
◷ 월 ~ 금 9시 ~ 18시
불은 작은도서관
⌖ 강화군 불은면 중앙로 612
☏ 032-937-3979
◷ 월 ~ 토 10시 ~ 18시
책방 시점
⌖ 중구 신포로 27번길 14
☏ 032-773-5353
◷ 화 ~ 일 12시 ~ 20시
나비날다책방
⌖ 동구 화도진로 13
☏ 070-8886-1311
◷ 수 ~ 일 13시 ~ 19시
화도진도서관
⌖ 동구 화도진로 131
☏ 032-770-6300
◷ 화 ~ 일 9시 ~ 18시
송림 작은도서관
⌖ 동구 송림로 87
☏ 032-777-1234
◷ 월 ~ 금 10시 ~ 18시
우리동네책방
⌖ 미추홀구 경인로 229
☏ 032-875-1004
◷ 매일 11시 ~ 21시
미추홀도서관
⌖ 미추홀구 매소홀로 618
☏ 032-440-6600
◷ 화 ~ 일 9시 ~ 18시
주안 작은도서관
⌖ 미추홀구 주안로 100
☏ 032-885-3311
◷ 월 ~ 금 10시 ~ 18시
책방 오크
⌖ 연수구 컨벤시아대로 165
☏ 032-858-0001
◷ 화 ~ 일 11시 ~ 20시
연수도서관
⌖ 연수구 청량로 100
☏ 032-749-0300
◷ 화 ~ 일 9시 ~ 18시
송도 작은도서관
⌖ 연수구 송도과학로 31
☏ 032-832-4455
◷ 월 ~ 금 10시 ~ 18시
구월책방
⌖ 남동구 구월로 273
☏ 032-466-0909
◷ 매일 10시 ~ 21시
남동도서관
⌖ 남동구 남동대로 500
☏ 032-453-8900
◷ 화 ~ 일 9시 ~ 18시
만수 작은도서관
⌖ 남동구 만수로 33
☏ 032-463-2277
◷ 월 ~ 금 10시 ~ 18시
부평 책다방
⌖ 부평구 부평대로 42
☏ 032-502-7711
◷ 화 ~ 일 12시 ~ 21시
부평기적의도서관
⌖ 부평구 부영로 165
☏ 032-509-8800
◷ 화 ~ 일 9시 ~ 18시
삼산 작은도서관
⌖ 부평구 삼산동 441
☏ 032-511-6363
◷ 월 ~ 금 10시 ~ 18시
계산책방
⌖ 계양구 계산새로 71
☏ 032-545-3131
◷ 매일 11시 ~ 20시
계양도서관
⌖ 계양구 계양문화로 60
☏ 032-450-7111
◷ 화 ~ 일 9시 ~ 18시
작전 작은도서관
⌖ 계양구 작전서운로 100
☏ 032-554-2020
◷ 월 ~ 금 10시 ~ 18시
서구 책빵
⌖ 서구 청라커낼로 252
☏ 032-569-5500
◷ 화 ~ 일 11시 ~ 21시
청라호수도서관
⌖ 서구 청라라임로 76
☏ 032-453-8600
◷ 화 ~ 일 9시 ~ 18시
검단 작은도서관
⌖ 서구 검단로 501
☏ 032-565-8989
◷ 월 ~ 금 10시 ~ 18시
가정 작은도서관
⌖ 서구 가정로 385
☏ 032-562-7171
◷ 월 ~ 토 10시 ~ 18시
The Way 작은도서관
⌖ 서구 승학로 123
☏ 032-579-0987
◷ 월 ~ 금 10시 ~ 18시
공간 해맑음
⌖ 강화군 길상면 전등사로 1011번길
☏ 070-4109-6200
◷ 매일 10시 ~ 19시
국자와 주걱
⌖ 강화군 강화읍 북문길 32(관청리)
☏ 032-933-4362
◷ 매일 11시 ~ 18시
10 서구
딸기책방
⌖ 강화군 강화읍 동문안길 33
☏ 070-8865-0385
◷ 화 ~ 일 10시 ~ 19시
강화도서관
⌖ 강화군 강화읍 강화대로 420
☏ 032-930-3800
◷ 화 ~ 일 9시 ~ 18시
길상도서관
⌖ 강화군 길상면 장흥로 101
☏ 032-930-7480
◷ 화 ~ 일 9시 ~ 18시
강화군립 작은도서관
⌖ 강화군 강화읍 중앙로 78
☏ 032-934-1234
◷ 월 ~ 금 10시 ~ 18시
교동 작은도서관
⌖ 강화군 교동면 교동남로 45
☏ 032-932-2266
◷ 월 ~ 금 9시 ~ 18시
불은 작은도서관
⌖ 강화군 불은면 중앙로 612
☏ 032-937-3979
◷ 월 ~ 토 10시 ~ 18시
책방 시점
⌖ 중구 신포로 27번길 14
☏ 032-773-5353
◷ 화 ~ 일 12시 ~ 20시
나비날다책방
⌖ 동구 화도진로 13
☏ 070-8886-1311
◷ 수 ~ 일 13시 ~ 19시
화도진도서관
⌖ 동구 화도진로 131
☏ 032-770-6300
◷ 화 ~ 일 9시 ~ 18시
송림 작은도서관
⌖ 동구 송림로 87
☏ 032-777-1234
◷ 월 ~ 금 10시 ~ 18시
우리동네책방
⌖ 미추홀구 경인로 229
☏ 032-875-1004
◷ 매일 11시 ~ 21시
미추홀도서관
⌖ 미추홀구 매소홀로 618
☏ 032-440-6600
◷ 화 ~ 일 9시 ~ 18시
주안 작은도서관
⌖ 미추홀구 주안로 100
☏ 032-885-3311
◷ 월 ~ 금 10시 ~ 18시
책방 오크
⌖ 연수구 컨벤시아대로 165
☏ 032-858-0001
◷ 화 ~ 일 11시 ~ 20시
연수도서관
⌖ 연수구 청량로 100
☏ 032-749-0300
◷ 화 ~ 일 9시 ~ 18시
송도 작은도서관
⌖ 연수구 송도과학로 31
☏ 032-832-4455
◷ 월 ~ 금 10시 ~ 18시
구월책방
⌖ 남동구 구월로 273
☏ 032-466-0909
◷ 매일 10시 ~ 21시
남동도서관
⌖ 남동구 남동대로 500
☏ 032-453-8900
◷ 화 ~ 일 9시 ~ 18시
만수 작은도서관
⌖ 남동구 만수로 33
☏ 032-463-2277
◷ 월 ~ 금 10시 ~ 18시
부평 책다방
⌖ 부평구 부평대로 42
☏ 032-502-7711
◷ 화 ~ 일 12시 ~ 21시
부평기적의도서관
⌖ 부평구 부영로 165
☏ 032-509-8800
◷ 화 ~ 일 9시 ~ 18시
삼산 작은도서관
⌖ 부평구 삼산동 441
☏ 032-511-6363
◷ 월 ~ 금 10시 ~ 18시
계산책방
⌖ 계양구 계산새로 71
☏ 032-545-3131
◷ 매일 11시 ~ 20시
계양도서관
⌖ 계양구 계양문화로 60
☏ 032-450-7111
◷ 화 ~ 일 9시 ~ 18시
작전 작은도서관
⌖ 계양구 작전서운로 100
☏ 032-554-2020
◷ 월 ~ 금 10시 ~ 18시
서구 책빵
⌖ 서구 청라커낼로 252
☏ 032-569-5500
◷ 화 ~ 일 11시 ~ 21시
청라호수도서관
⌖ 서구 청라라임로 76
☏ 032-453-8600
◷ 화 ~ 일 9시 ~ 18시
검단 작은도서관
⌖ 서구 검단로 501
☏ 032-565-8989
◷ 월 ~ 금 10시 ~ 18시
가정 작은도서관
⌖ 서구 가정로 385
☏ 032-562-7171
◷ 월 ~ 토 10시 ~ 18시
The Way 작은도서관
⌖ 서구 승학로 123
☏ 032-579-0987
◷ 월 ~ 금 10시 ~ 18시
공간 해맑음
⌖ 강화군 길상면 전등사로 1011번길
☏ 070-4109-6200
◷ 매일 10시 ~ 19시
국자와 주걱
⌖ 강화군 강화읍 북문길 32(관청리)
☏ 032-933-4362
◷ 매일 11시 ~ 18시
딸기책방
⌖ 강화군 강화읍 동문안길 33
☏ 070-8865-0385
◷ 화 ~ 일 10시 ~ 19시
강화도서관
⌖ 강화군 강화읍 강화대로 420
☏ 032-930-3800
◷ 화 ~ 일 9시 ~ 18시
길상도서관
⌖ 강화군 길상면 장흥로 101
☏ 032-930-7480
◷ 화 ~ 일 9시 ~ 18시
강화군립 작은도서관
⌖ 강화군 강화읍 중앙로 78
☏ 032-934-1234
◷ 월 ~ 금 10시 ~ 18시
교동 작은도서관
⌖ 강화군 교동면 교동남로 45
☏ 032-932-2266
◷ 월 ~ 금 9시 ~ 18시
불은 작은도서관
⌖ 강화군 불은면 중앙로 612
☏ 032-937-3979
◷ 월 ~ 토 10시 ~ 18시
책방 시점
⌖ 중구 신포로 27번길 14
☏ 032-773-5353
◷ 화 ~ 일 12시 ~ 20시
나비날다책방
⌖ 동구 화도진로 13
☏ 070-8886-1311
◷ 수 ~ 일 13시 ~ 19시
화도진도서관
⌖ 동구 화도진로 131
☏ 032-770-6300
◷ 화 ~ 일 9시 ~ 18시
송림 작은도서관
⌖ 동구 송림로 87
☏ 032-777-1234
◷ 월 ~ 금 10시 ~ 18시
우리동네책방
⌖ 미추홀구 경인로 229
☏ 032-875-1004
◷ 매일 11시 ~ 21시
미추홀도서관
⌖ 미추홀구 매소홀로 618
☏ 032-440-6600
◷ 화 ~ 일 9시 ~ 18시
주안 작은도서관
⌖ 미추홀구 주안로 100
☏ 032-885-3311
◷ 월 ~ 금 10시 ~ 18시
책방 오크
⌖ 연수구 컨벤시아대로 165
☏ 032-858-0001
◷ 화 ~ 일 11시 ~ 20시
연수도서관
⌖ 연수구 청량로 100
☏ 032-749-0300
◷ 화 ~ 일 9시 ~ 18시
송도 작은도서관
⌖ 연수구 송도과학로 31
☏ 032-832-4455
◷ 월 ~ 금 10시 ~ 18시
구월책방
⌖ 남동구 구월로 273
☏ 032-466-0909
◷ 매일 10시 ~ 21시
남동도서관
⌖ 남동구 남동대로 500
☏ 032-453-8900
◷ 화 ~ 일 9시 ~ 18시
만수 작은도서관
⌖ 남동구 만수로 33
☏ 032-463-2277
◷ 월 ~ 금 10시 ~ 18시
부평 책다방
⌖ 부평구 부평대로 42
☏ 032-502-7711
◷ 화 ~ 일 12시 ~ 21시
부평기적의도서관
⌖ 부평구 부영로 165
☏ 032-509-8800
◷ 화 ~ 일 9시 ~ 18시
삼산 작은도서관
⌖ 부평구 삼산동 441
☏ 032-511-6363
◷ 월 ~ 금 10시 ~ 18시
계산책방
⌖ 계양구 계산새로 71
☏ 032-545-3131
◷ 매일 11시 ~ 20시
계양도서관
⌖ 계양구 계양문화로 60
☏ 032-450-7111
◷ 화 ~ 일 9시 ~ 18시
작전 작은도서관
⌖ 계양구 작전서운로 100
☏ 032-554-2020
◷ 월 ~ 금 10시 ~ 18시
서구 책빵
⌖ 서구 청라커낼로 252
☏ 032-569-5500
◷ 화 ~ 일 11시 ~ 21시
청라호수도서관
⌖ 서구 청라라임로 76
☏ 032-453-8600
◷ 화 ~ 일 9시 ~ 18시
검단 작은도서관
⌖ 서구 검단로 501
☏ 032-565-8989
◷ 월 ~ 금 10시 ~ 18시
가정 작은도서관
⌖ 서구 가정로 385
☏ 032-562-7171
◷ 월 ~ 토 10시 ~ 18시
The Way 작은도서관
⌖ 서구 승학로 123
☏ 032-579-0987
◷ 월 ~ 금 10시 ~ 18시
공간 해맑음
⌖ 강화군 길상면 전등사로 1011번길
☏ 070-4109-6200
◷ 매일 10시 ~ 19시
국자와 주걱
⌖ 강화군 강화읍 북문길 32(관청리)
☏ 032-933-4362
◷ 매일 11시 ~ 18시
딸기책방
⌖ 강화군 강화읍 동문안길 33
☏ 070-8865-0385
◷ 화 ~ 일 10시 ~ 19시
강화도서관
⌖ 강화군 강화읍 강화대로 420
☏ 032-930-3800
◷ 화 ~ 일 9시 ~ 18시
길상도서관
⌖ 강화군 길상면 장흥로 101
☏ 032-930-7480
◷ 화 ~ 일 9시 ~ 18시
강화군립 작은도서관
⌖ 강화군 강화읍 중앙로 78
☏ 032-934-1234
◷ 월 ~ 금 10시 ~ 18시
교동 작은도서관
⌖ 강화군 교동면 교동남로 45
☏ 032-932-2266
◷ 월 ~ 금 9시 ~ 18시
불은 작은도서관
⌖ 강화군 불은면 중앙로 612
☏ 032-937-3979
◷ 월 ~ 토 10시 ~ 18시
책방 시점
⌖ 중구 신포로 27번길 14
☏ 032-773-5353
◷ 화 ~ 일 12시 ~ 20시
나비날다책방
⌖ 동구 화도진로 13
☏ 070-8886-1311
◷ 수 ~ 일 13시 ~ 19시
화도진도서관
⌖ 동구 화도진로 131
☏ 032-770-6300
◷ 화 ~ 일 9시 ~ 18시
송림 작은도서관
⌖ 동구 송림로 87
☏ 032-777-1234
◷ 월 ~ 금 10시 ~ 18시
우리동네책방
⌖ 미추홀구 경인로 229
☏ 032-875-1004
◷ 매일 11시 ~ 21시
미추홀도서관
⌖ 미추홀구 매소홀로 618
☏ 032-440-6600
◷ 화 ~ 일 9시 ~ 18시
주안 작은도서관
⌖ 미추홀구 주안로 100
☏ 032-885-3311
◷ 월 ~ 금 10시 ~ 18시
책방 오크
⌖ 연수구 컨벤시아대로 165
☏ 032-858-0001
◷ 화 ~ 일 11시 ~ 20시
연수도서관
⌖ 연수구 청량로 100
☏ 032-749-0300
◷ 화 ~ 일 9시 ~ 18시
송도 작은도서관
⌖ 연수구 송도과학로 31
☏ 032-832-4455
◷ 월 ~ 금 10시 ~ 18시
구월책방
⌖ 남동구 구월로 273
☏ 032-466-0909
◷ 매일 10시 ~ 21시
남동도서관
⌖ 남동구 남동대로 500
☏ 032-453-8900
◷ 화 ~ 일 9시 ~ 18시
만수 작은도서관
⌖ 남동구 만수로 33
☏ 032-463-2277
◷ 월 ~ 금 10시 ~ 18시
부평 책다방
⌖ 부평구 부평대로 42
☏ 032-502-7711
◷ 화 ~ 일 12시 ~ 21시
부평기적의도서관
⌖ 부평구 부영로 165
☏ 032-509-8800
◷ 화 ~ 일 9시 ~ 18시
삼산 작은도서관
⌖ 부평구 삼산동 441
☏ 032-511-6363
◷ 월 ~ 금 10시 ~ 18시
계산책방
⌖ 계양구 계산새로 71
☏ 032-545-3131
◷ 매일 11시 ~ 20시
계양도서관
⌖ 계양구 계양문화로 60
☏ 032-450-7111
◷ 화 ~ 일 9시 ~ 18시
작전 작은도서관
⌖ 계양구 작전서운로 100
☏ 032-554-2020
◷ 월 ~ 금 10시 ~ 18시
서구 책빵
⌖ 서구 청라커낼로 252
☏ 032-569-5500
◷ 화 ~ 일 11시 ~ 21시
청라호수도서관
⌖ 서구 청라라임로 76
☏ 032-453-8600
◷ 화 ~ 일 9시 ~ 18시
검단 작은도서관
⌖ 서구 검단로 501
☏ 032-565-8989
◷ 월 ~ 금 10시 ~ 18시
가정 작은도서관
⌖ 서구 가정로 385
☏ 032-562-7171
◷ 월 ~ 토 10시 ~ 18시
The Way 작은도서관
⌖ 서구 승학로 123
☏ 032-579-0987
◷ 월 ~ 금 10시 ~ 18시
공간 해맑음
⌖ 강화군 길상면 전등사로 1011번길
☏ 070-4109-6200
◷ 매일 10시 ~ 19시
국자와 주걱
⌖ 강화군 강화읍 북문길 32(관청리)
☏ 032-933-4362
◷ 매일 11시 ~ 18시
딸기책방
⌖ 강화군 강화읍 동문안길 33
☏ 070-8865-0385
◷ 화 ~ 일 10시 ~ 19시
강화도서관
⌖ 강화군 강화읍 강화대로 420
☏ 032-930-3800
◷ 화 ~ 일 9시 ~ 18시
길상도서관
⌖ 강화군 길상면 장흥로 101
☏ 032-930-7480
◷ 화 ~ 일 9시 ~ 18시
강화군립 작은도서관
⌖ 강화군 강화읍 중앙로 78
☏ 032-934-1234
◷ 월 ~ 금 10시 ~ 18시
교동 작은도서관
⌖ 강화군 교동면 교동남로 45
☏ 032-932-2266
◷ 월 ~ 금 9시 ~ 18시
불은 작은도서관
⌖ 강화군 불은면 중앙로 612
☏ 032-937-3979
◷ 월 ~ 토 10시 ~ 18시
